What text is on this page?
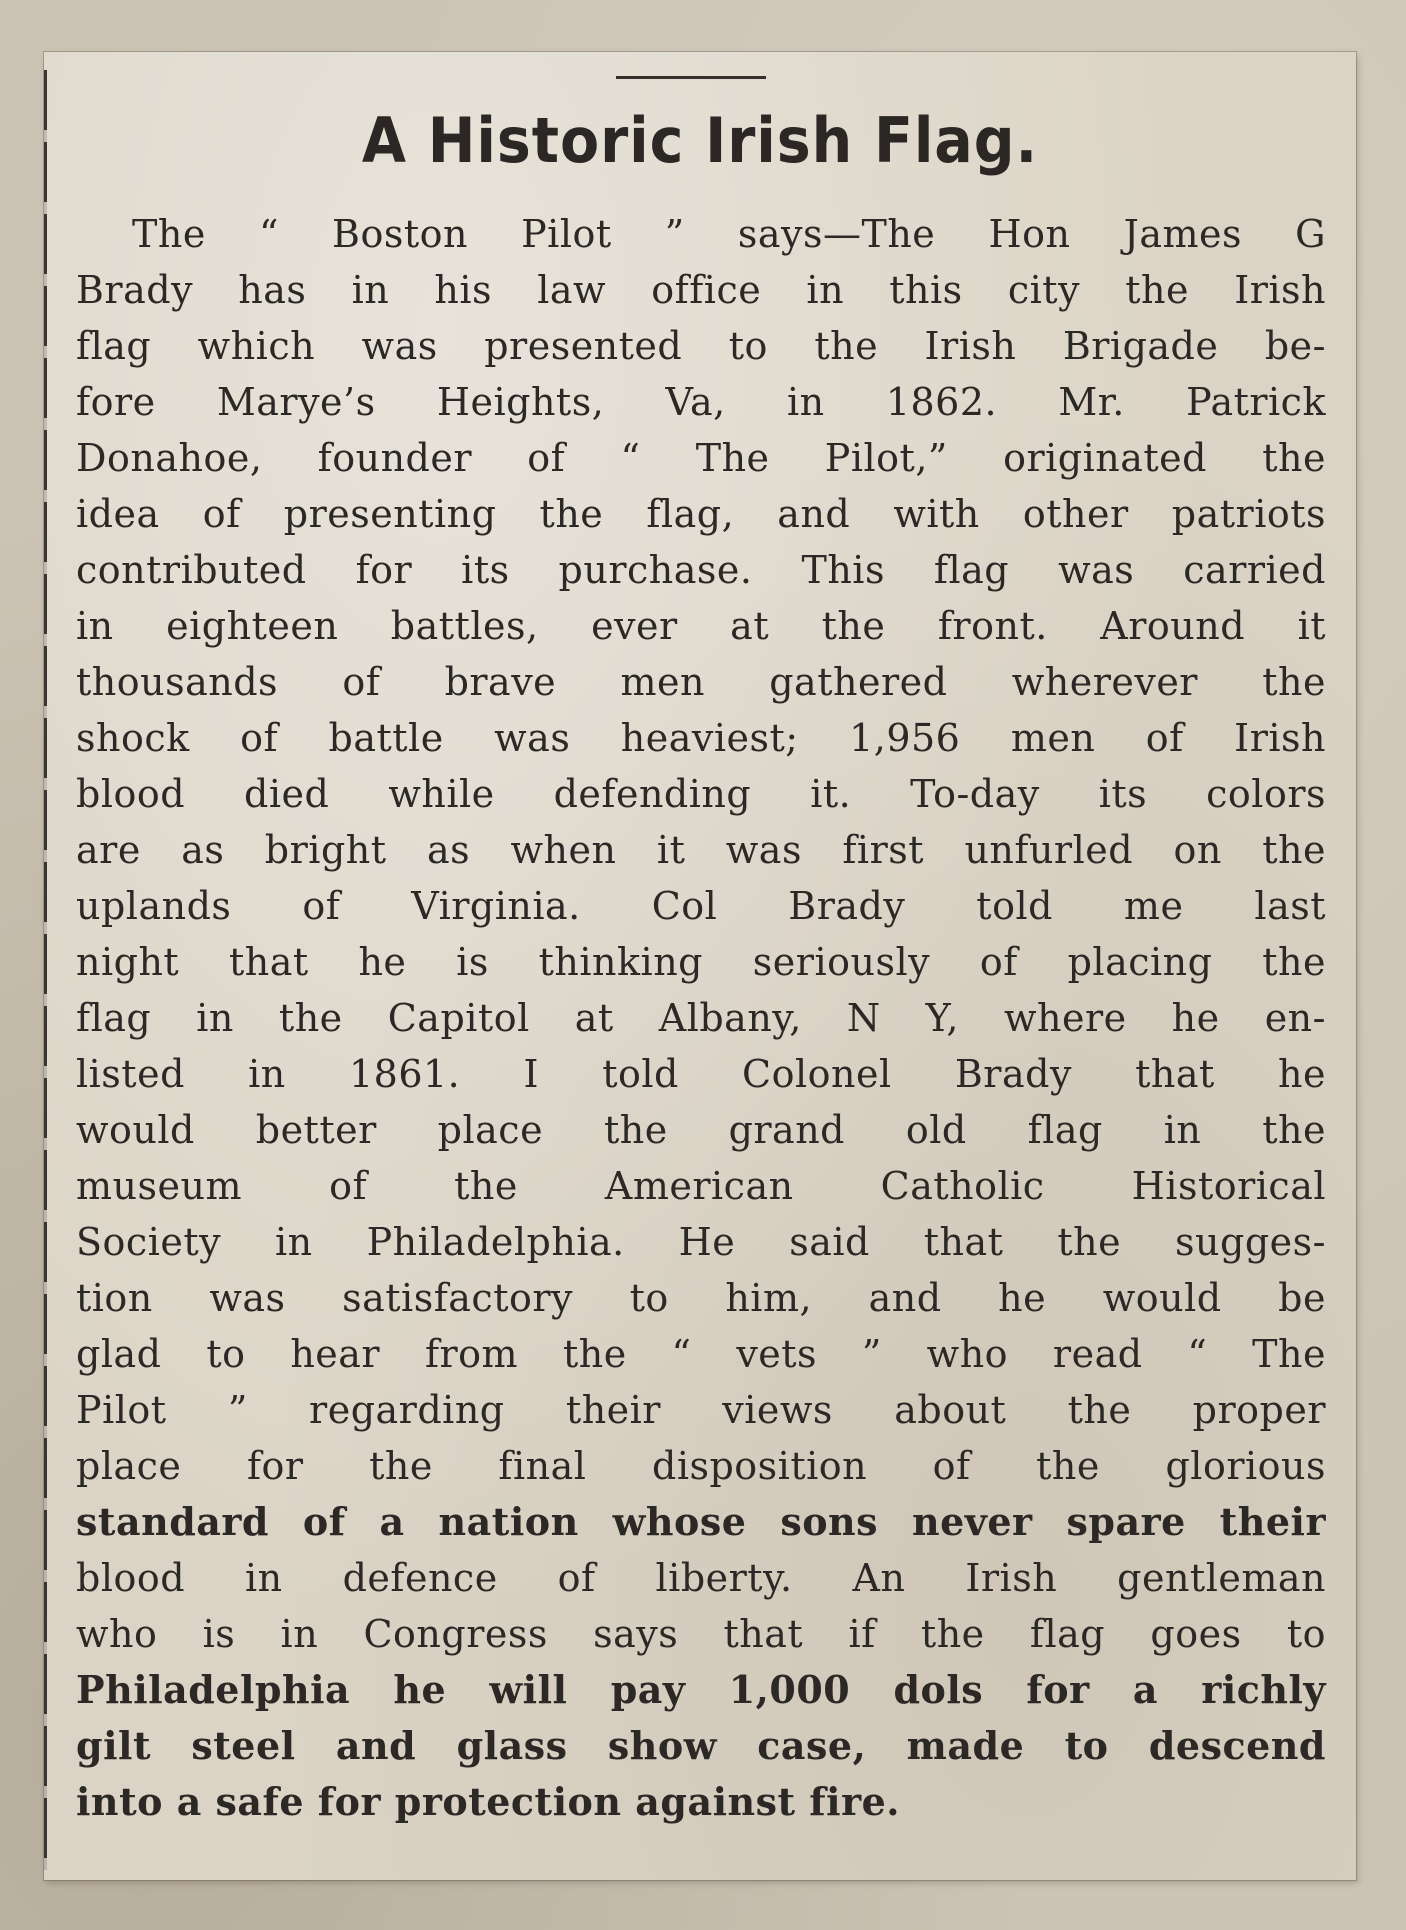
A Historic Irish Flag.
The “ Boston Pilot ” says—The Hon James G
Brady has in his law office in this city the Irish
flag which was presented to the Irish Brigade be-
fore Marye’s Heights, Va, in 1862. Mr. Patrick
Donahoe, founder of “ The Pilot,” originated the
idea of presenting the flag, and with other patriots
contributed for its purchase. This flag was carried
in eighteen battles, ever at the front. Around it
thousands of brave men gathered wherever the
shock of battle was heaviest; 1,956 men of Irish
blood died while defending it. To-day its colors
are as bright as when it was first unfurled on the
uplands of Virginia. Col Brady told me last
night that he is thinking seriously of placing the
flag in the Capitol at Albany, N Y, where he en-
listed in 1861. I told Colonel Brady that he
would better place the grand old flag in the
museum of the American Catholic Historical
Society in Philadelphia. He said that the sugges-
tion was satisfactory to him, and he would be
glad to hear from the “ vets ” who read “ The
Pilot ” regarding their views about the proper
place for the final disposition of the glorious
standard of a nation whose sons never spare their
blood in defence of liberty. An Irish gentleman
who is in Congress says that if the flag goes to
Philadelphia he will pay 1,000 dols for a richly
gilt steel and glass show case, made to descend
into a safe for protection against fire.
